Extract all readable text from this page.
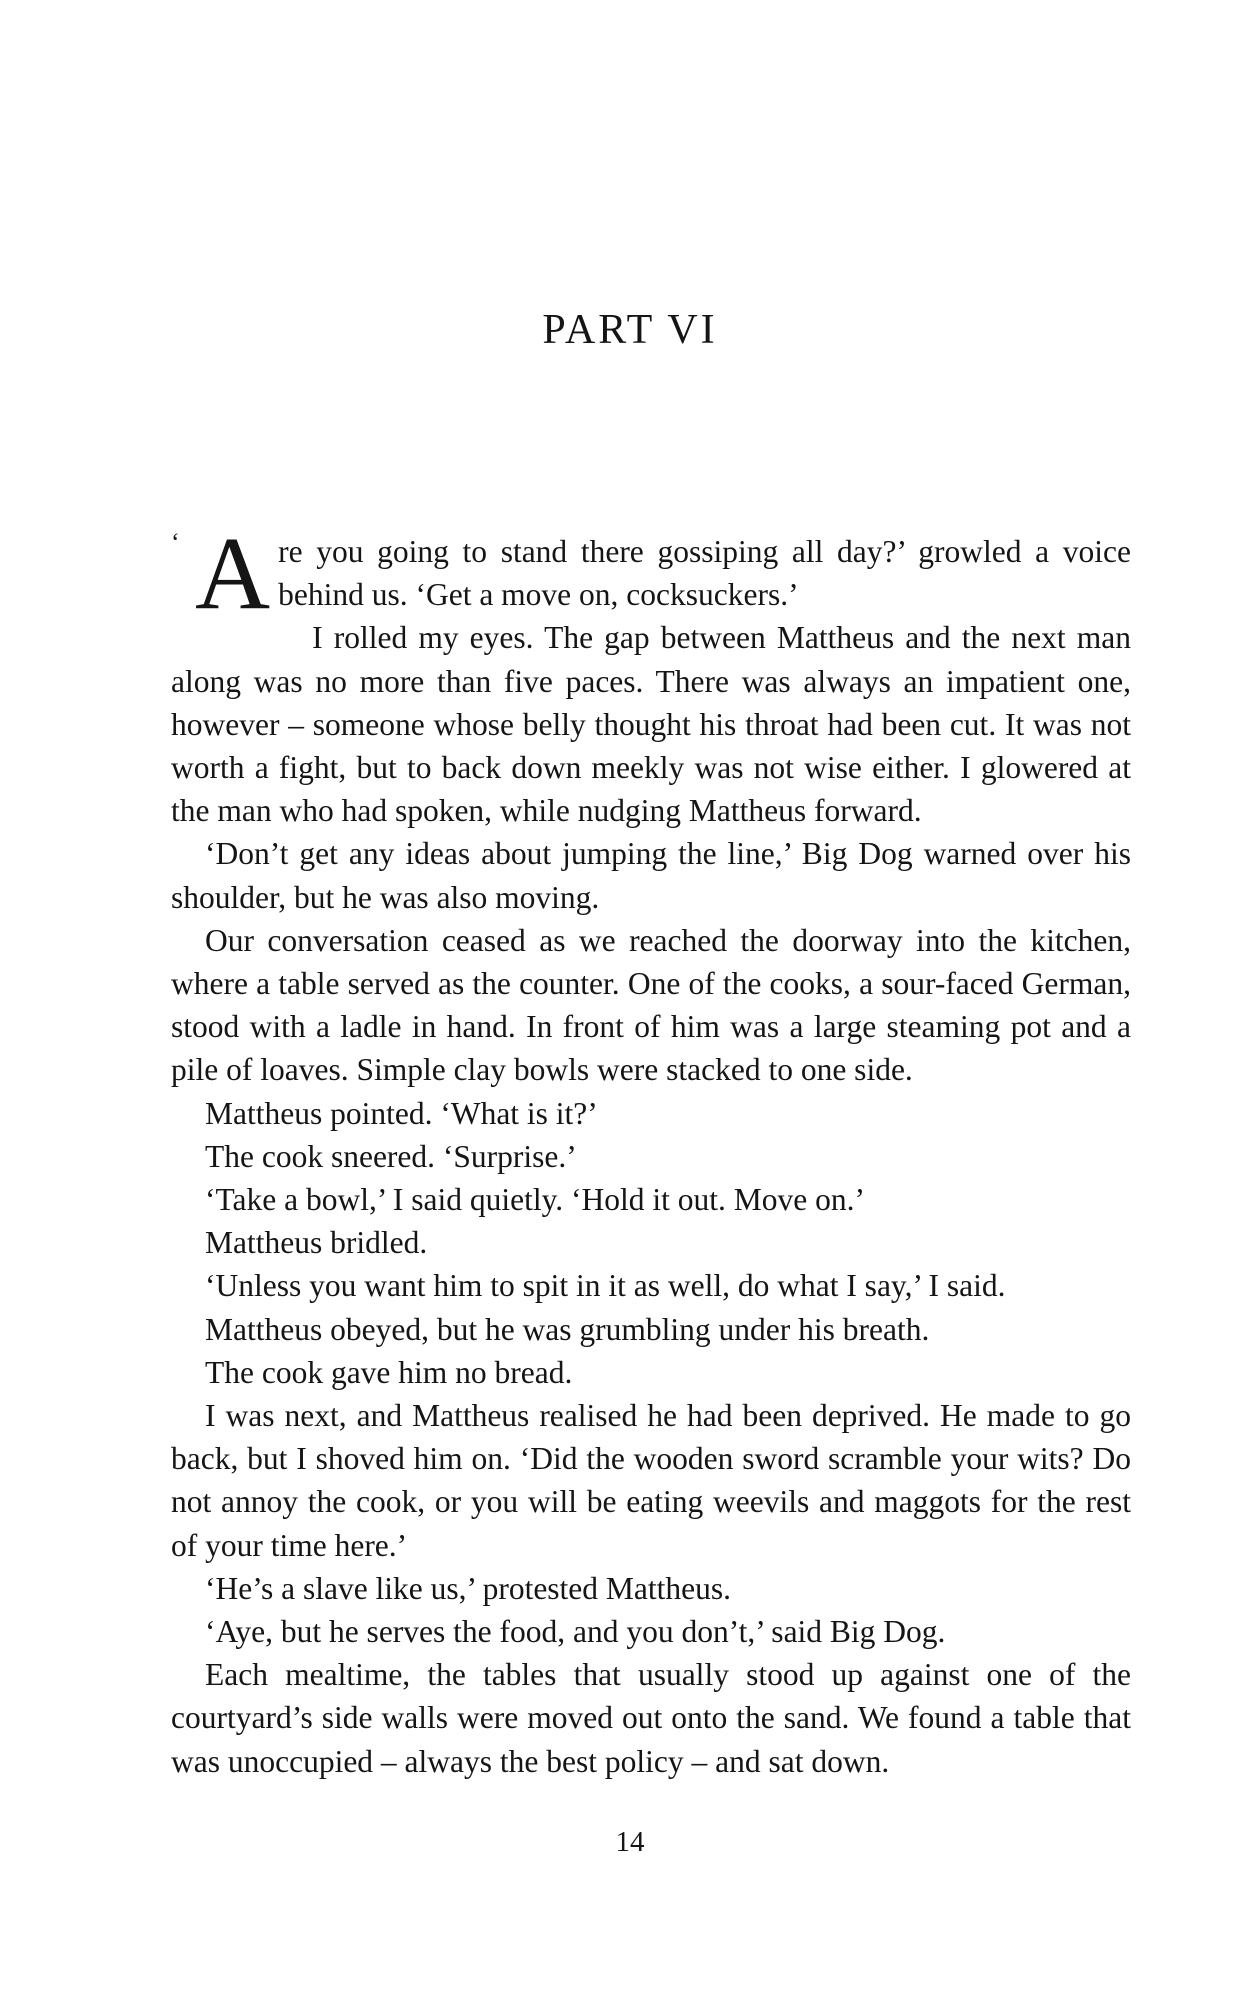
PART VI

‘ A re you going to stand there gossiping all day?’ growled a voice behind us. ‘Get a move on, cocksuckers.’

I rolled my eyes. The gap between Mattheus and the next man along was no more than five paces. There was always an impatient one, however – someone whose belly thought his throat had been cut. It was not worth a fight, but to back down meekly was not wise either. I glowered at the man who had spoken, while nudging Mattheus forward.

‘Don’t get any ideas about jumping the line,’ Big Dog warned over his shoulder, but he was also moving.

Our conversation ceased as we reached the doorway into the kitchen, where a table served as the counter. One of the cooks, a sour-faced German, stood with a ladle in hand. In front of him was a large steaming pot and a pile of loaves. Simple clay bowls were stacked to one side.

Mattheus pointed. ‘What is it?’

The cook sneered. ‘Surprise.’

‘Take a bowl,’ I said quietly. ‘Hold it out. Move on.’

Mattheus bridled.

‘Unless you want him to spit in it as well, do what I say,’ I said.

Mattheus obeyed, but he was grumbling under his breath.

The cook gave him no bread.

I was next, and Mattheus realised he had been deprived. He made to go back, but I shoved him on. ‘Did the wooden sword scramble your wits? Do not annoy the cook, or you will be eating weevils and maggots for the rest of your time here.’

‘He’s a slave like us,’ protested Mattheus.

‘Aye, but he serves the food, and you don’t,’ said Big Dog.

Each mealtime, the tables that usually stood up against one of the courtyard’s side walls were moved out onto the sand. We found a table that was unoccupied – always the best policy – and sat down.

14
